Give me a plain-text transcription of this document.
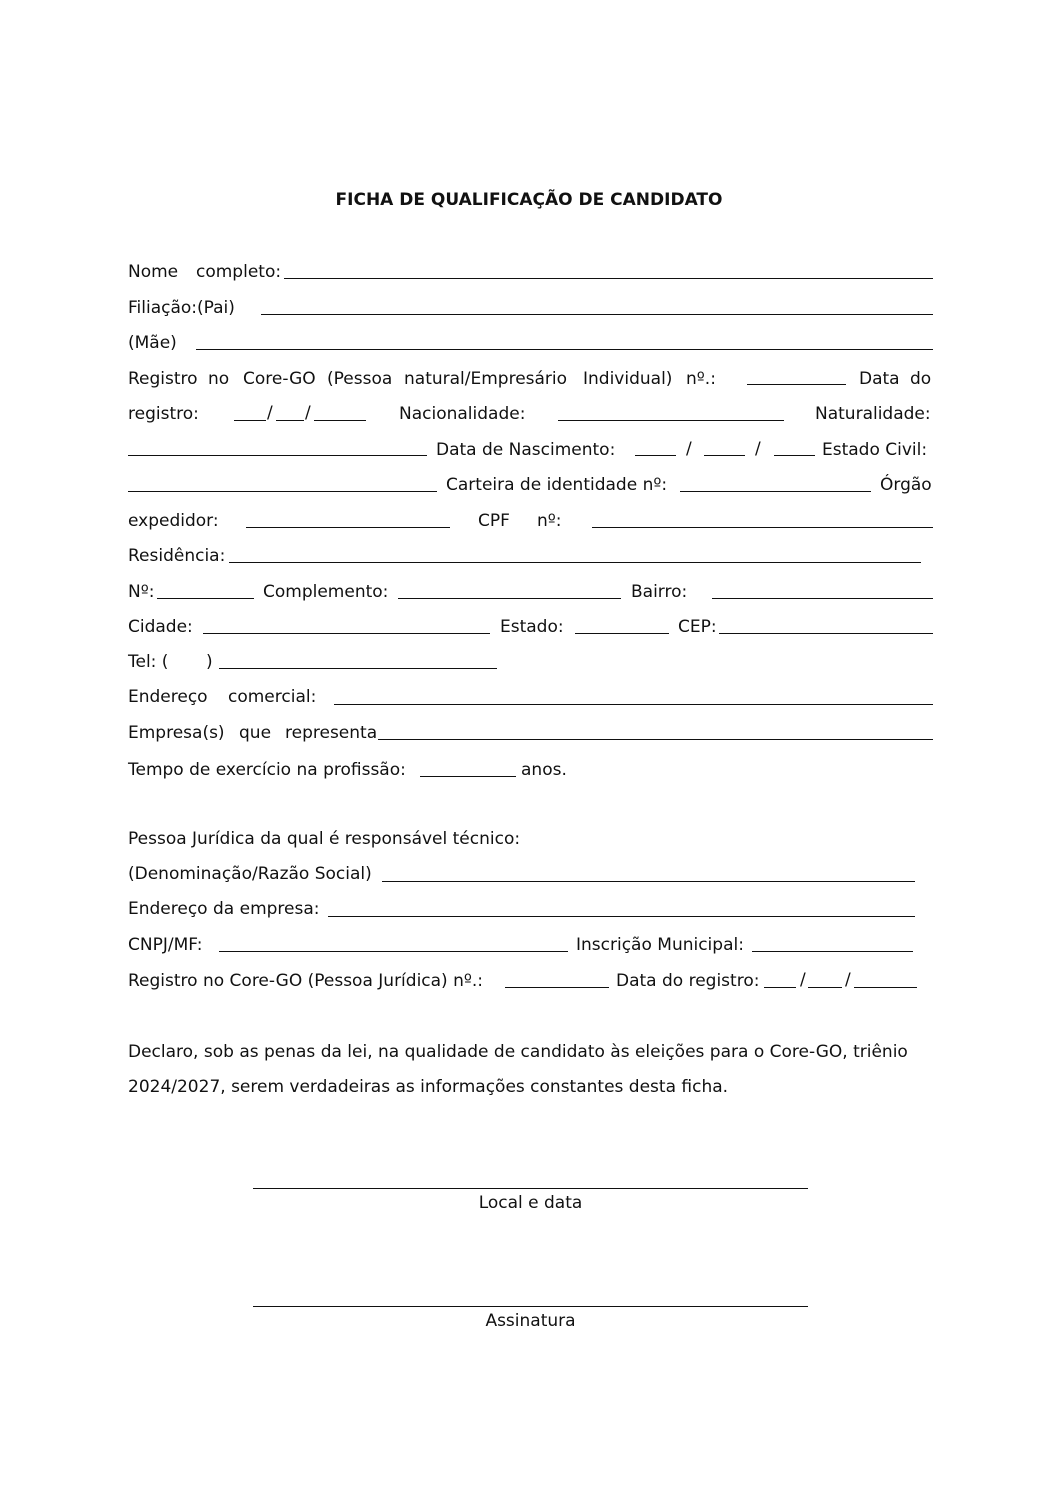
FICHA DE QUALIFICAÇÃO DE CANDIDATO
Nome completo:
Filiação:(Pai)
(Mãe)
Registro no Core-GO (Pessoa natural/Empresário Individual) nº.:	Data do
registro:	/ /	Nacionalidade:	Naturalidade:
Data de Nascimento:	/	/	Estado Civil:
Carteira de identidade nº:	Órgão
expedidor:	CPF nº:
Residência:
Nº:	Complemento:	Bairro:
Cidade:	Estado:	CEP:
Tel: ( )
Endereço comercial:
Empresa(s) que representa
Tempo de exercício na profissão:	anos.
Pessoa Jurídica da qual é responsável técnico:
(Denominação/Razão Social)
Endereço da empresa:
CNPJ/MF:	Inscrição Municipal:
Registro no Core-GO (Pessoa Jurídica) nº.:	Data do registro: / /
Declaro, sob as penas da lei, na qualidade de candidato às eleições para o Core-GO, triênio
2024/2027, serem verdadeiras as informações constantes desta ficha.
Local e data
Assinatura
